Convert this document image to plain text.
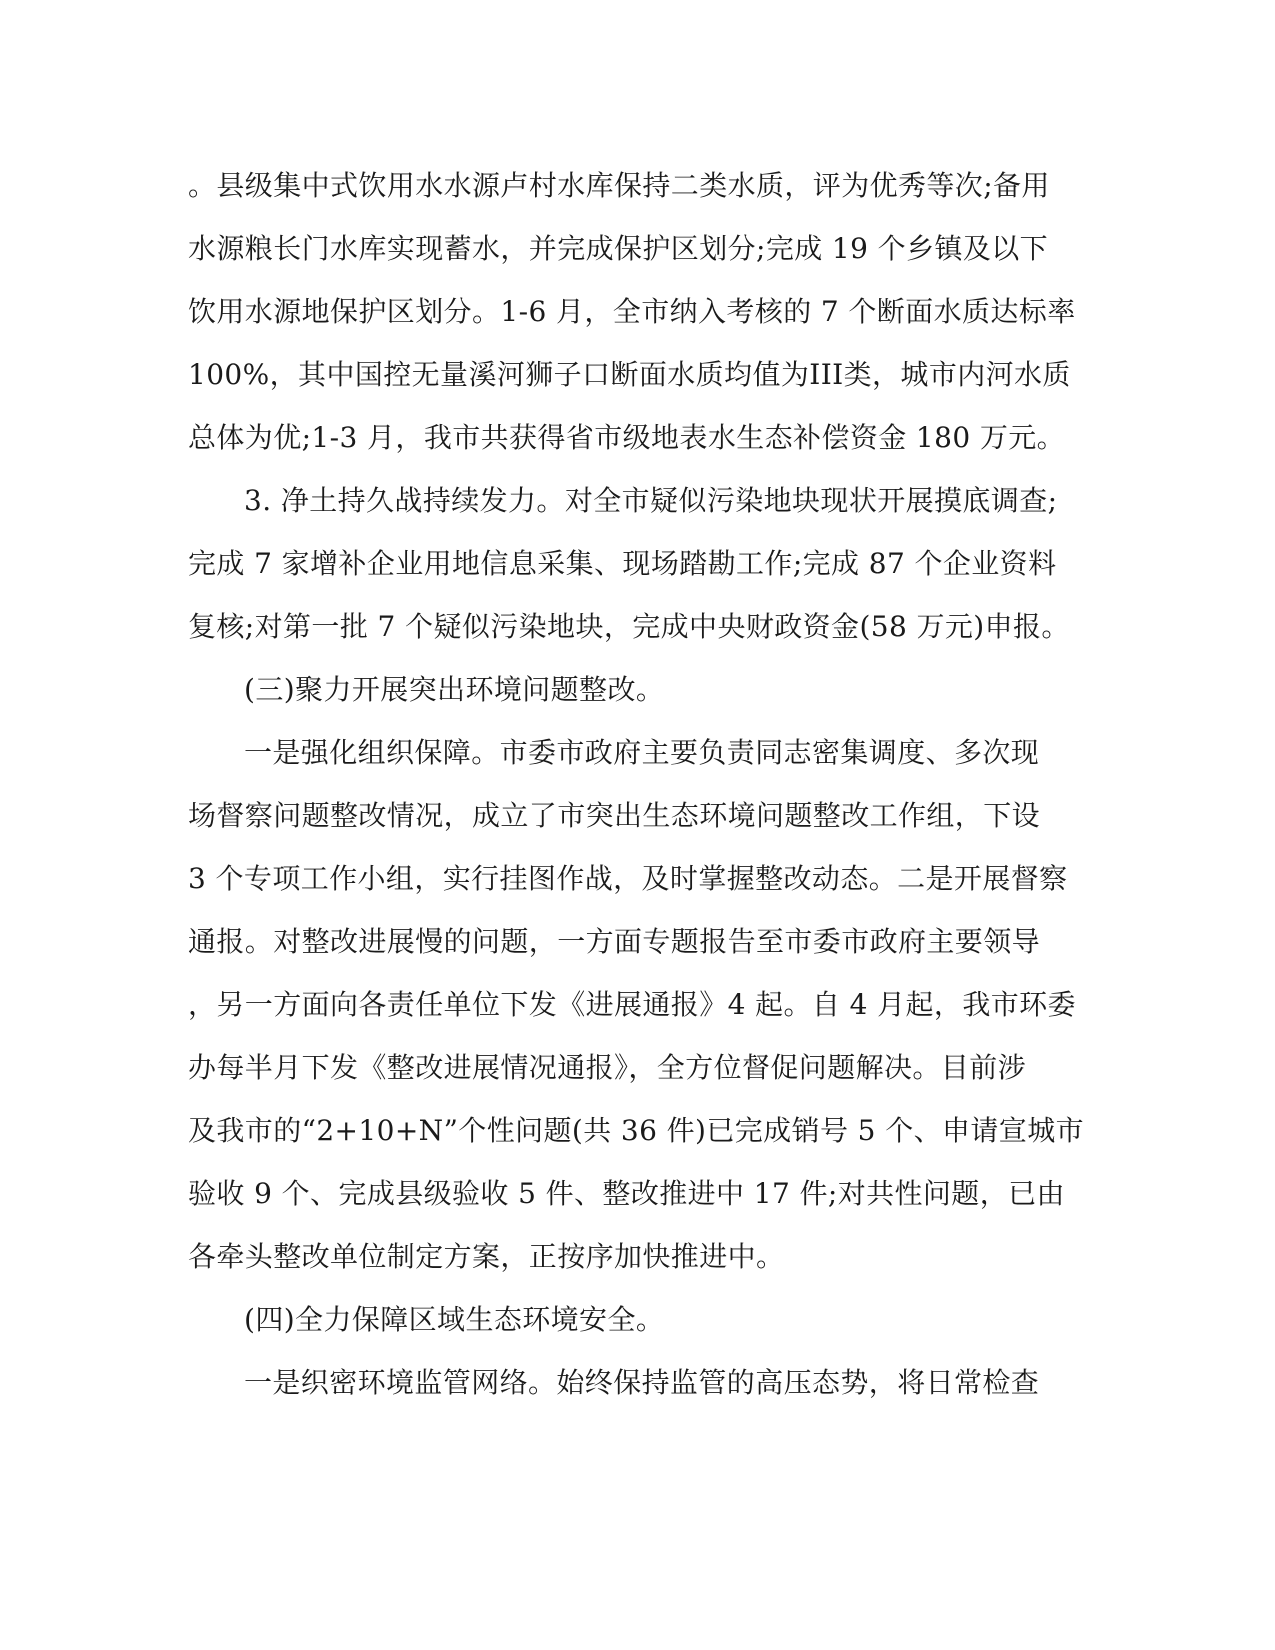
。县级集中式饮用水水源卢村水库保持二类水质，评为优秀等次;备用
水源粮长门水库实现蓄水，并完成保护区划分;完成 19 个乡镇及以下
饮用水源地保护区划分。1-6 月，全市纳入考核的 7 个断面水质达标率
100%，其中国控无量溪河狮子口断面水质均值为III类，城市内河水质
总体为优;1-3 月，我市共获得省市级地表水生态补偿资金 180 万元。
3. 净土持久战持续发力。对全市疑似污染地块现状开展摸底调查;
完成 7 家增补企业用地信息采集、现场踏勘工作;完成 87 个企业资料
复核;对第一批 7 个疑似污染地块，完成中央财政资金(58 万元)申报。
(三)聚力开展突出环境问题整改。
一是强化组织保障。市委市政府主要负责同志密集调度、多次现
场督察问题整改情况，成立了市突出生态环境问题整改工作组，下设
3 个专项工作小组，实行挂图作战，及时掌握整改动态。二是开展督察
通报。对整改进展慢的问题，一方面专题报告至市委市政府主要领导
，另一方面向各责任单位下发《进展通报》4 起。自 4 月起，我市环委
办每半月下发《整改进展情况通报》，全方位督促问题解决。目前涉
及我市的“2+10+N”个性问题(共 36 件)已完成销号 5 个、申请宣城市
验收 9 个、完成县级验收 5 件、整改推进中 17 件;对共性问题，已由
各牵头整改单位制定方案，正按序加快推进中。
(四)全力保障区域生态环境安全。
一是织密环境监管网络。始终保持监管的高压态势，将日常检查
